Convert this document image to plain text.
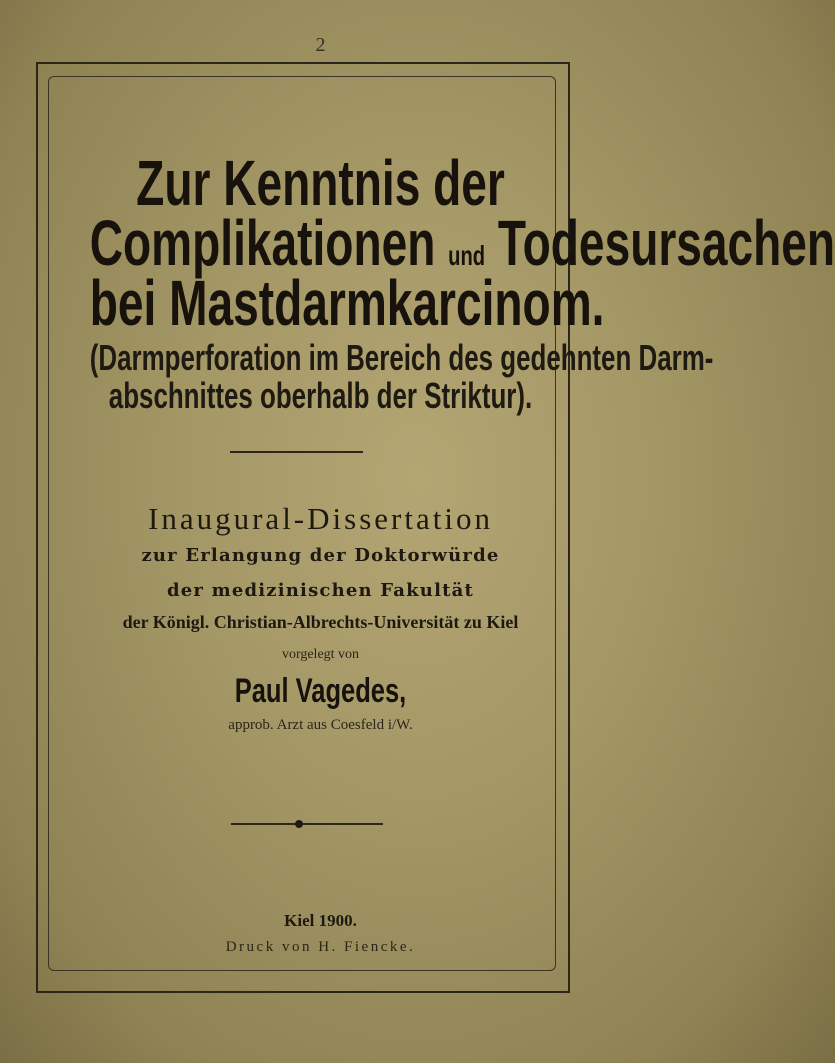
2
Zur Kenntnis der
Complikationen und Todesursachen
bei Mastdarmkarcinom.
(Darmperforation im Bereich des gedehnten Darm-
abschnittes oberhalb der Striktur).
Inaugural-Dissertation
zur Erlangung der Doktorwürde
der medizinischen Fakultät
der Königl. Christian-Albrechts-Universität zu Kiel
vorgelegt von
Paul Vagedes,
approb. Arzt aus Coesfeld i/W.
Kiel 1900.
Druck von H. Fiencke.
